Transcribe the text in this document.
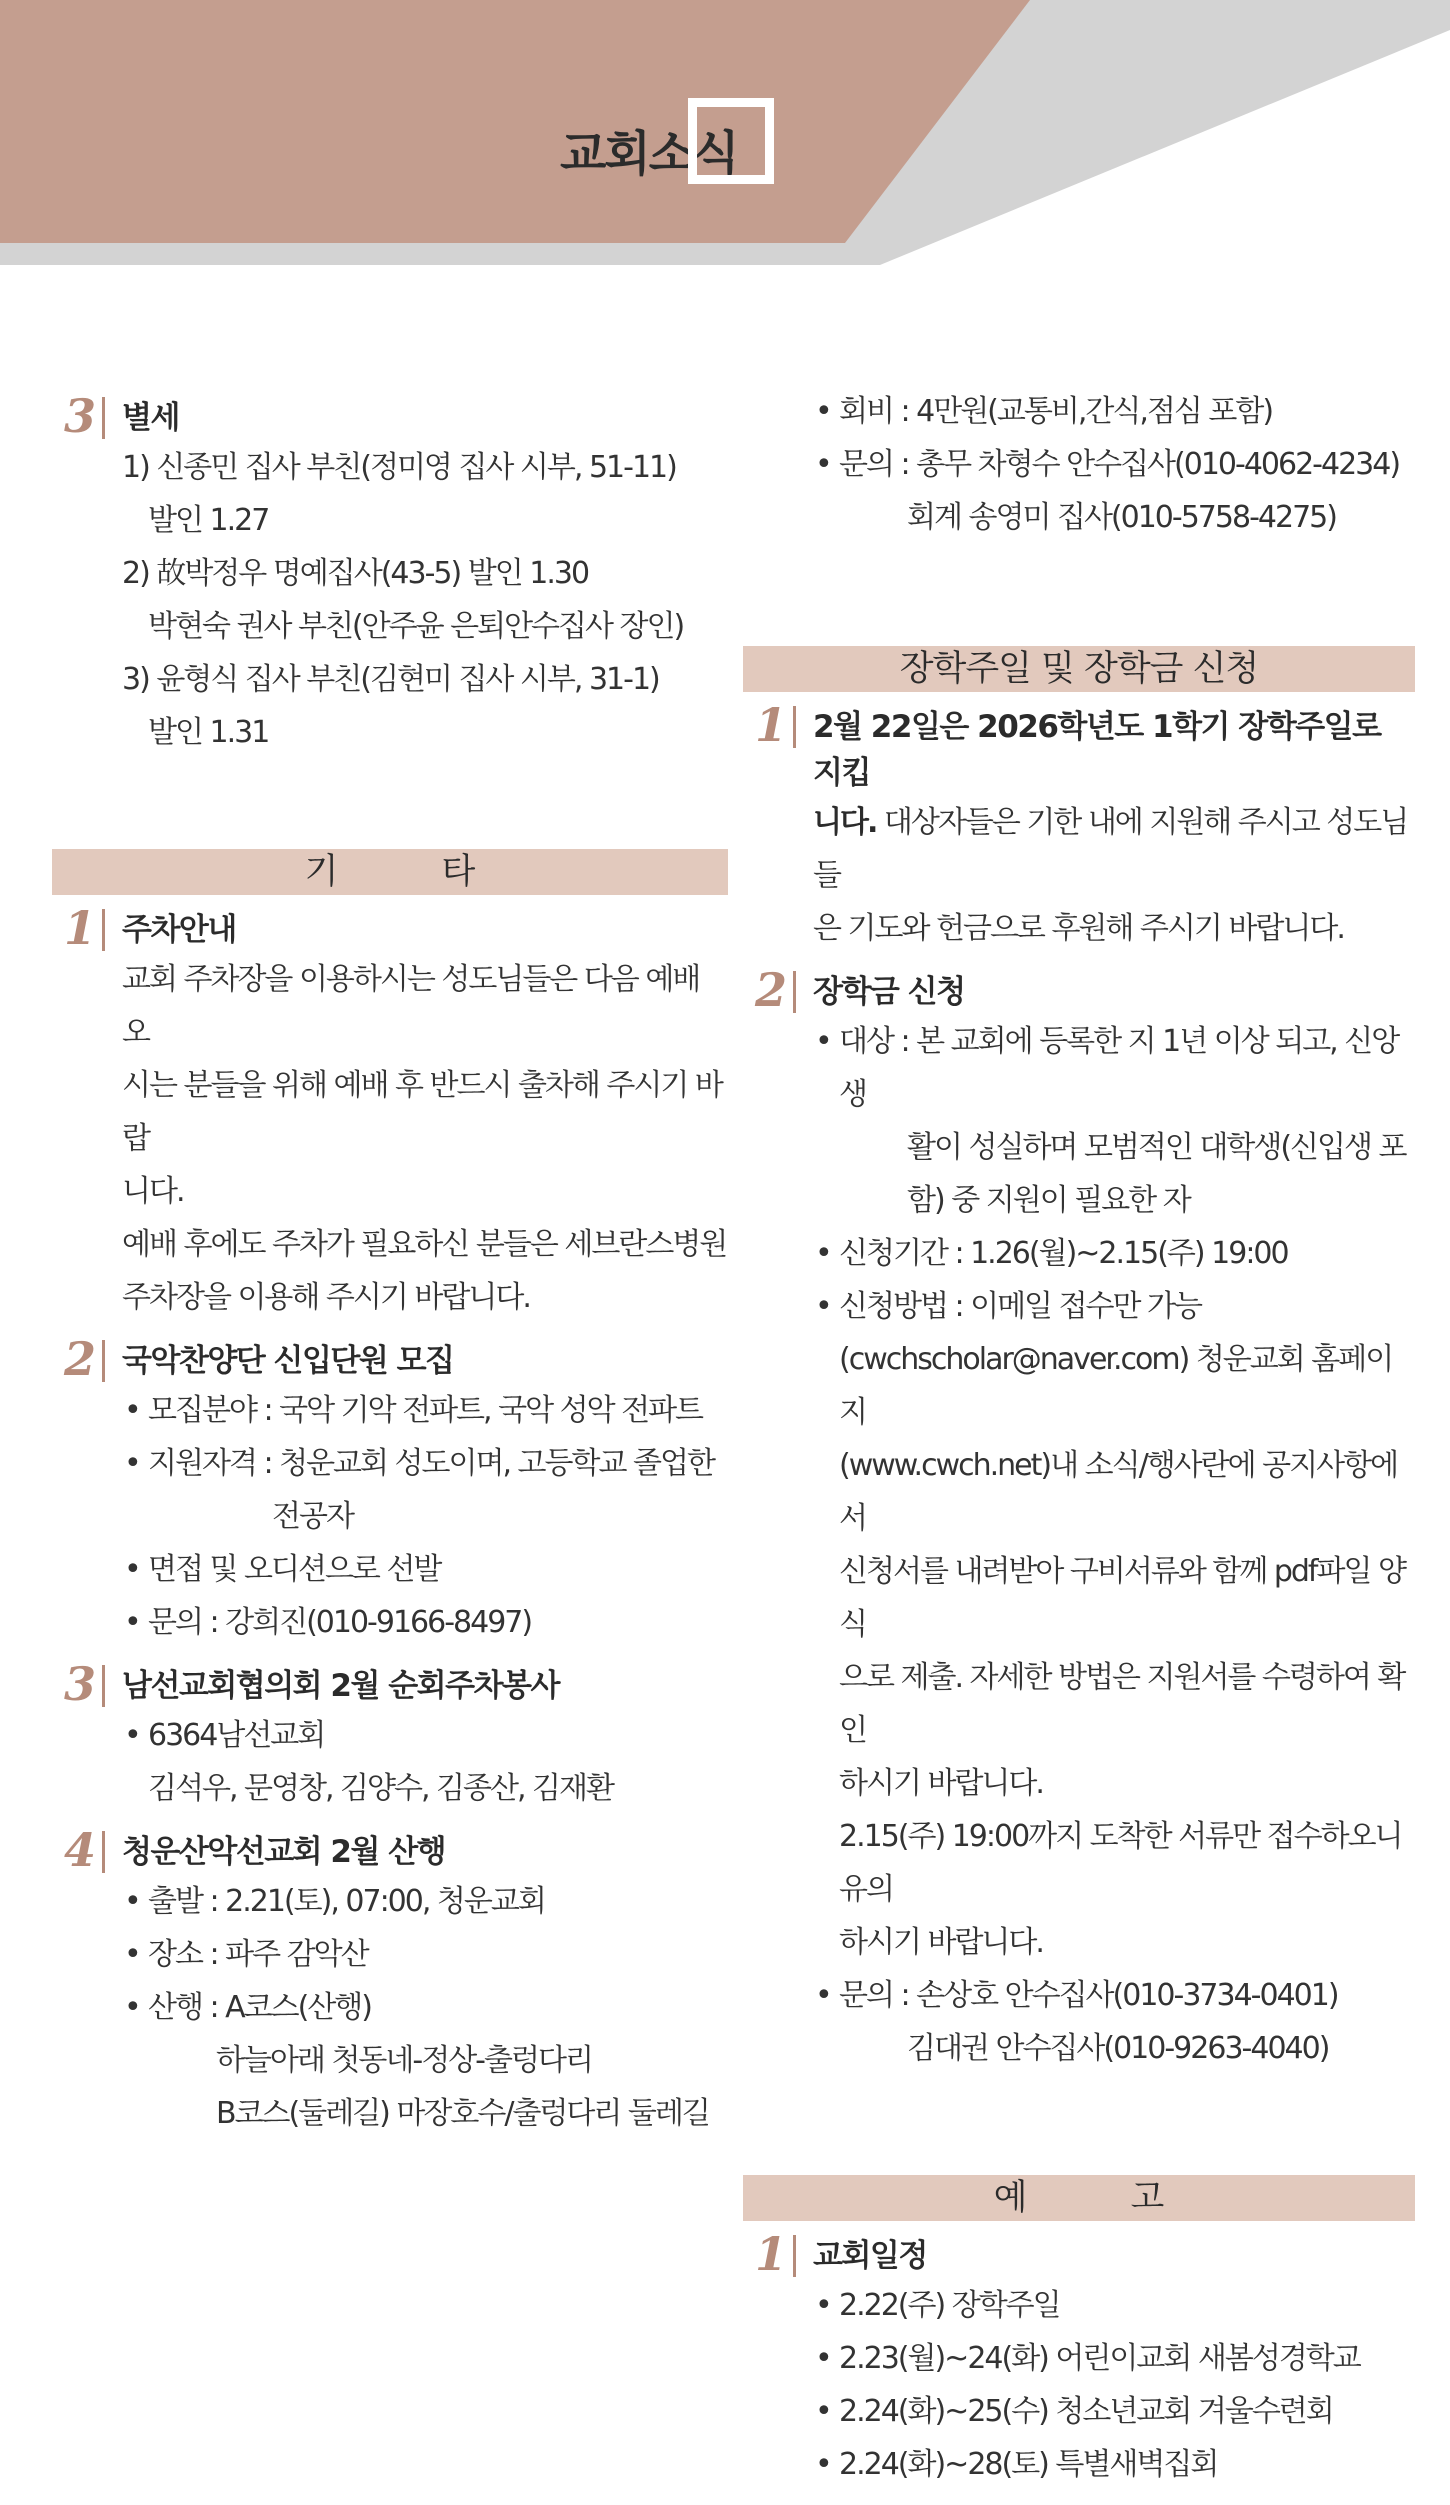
교회소식
3 별세
1) 신종민 집사 부친(정미영 집사 시부, 51-11)
발인 1.27
2) 故박정우 명예집사(43-5) 발인 1.30
박현숙 권사 부친(안주윤 은퇴안수집사 장인)
3) 윤형식 집사 부친(김현미 집사 시부, 31-1)
발인 1.31
기 타
1 주차안내
교회 주차장을 이용하시는 성도님들은 다음 예배 오
시는 분들을 위해 예배 후 반드시 출차해 주시기 바랍
니다.
예배 후에도 주차가 필요하신 분들은 세브란스병원
주차장을 이용해 주시기 바랍니다.
2 국악찬양단 신입단원 모집
• 모집분야 : 국악 기악 전파트, 국악 성악 전파트
• 지원자격 : 청운교회 성도이며, 고등학교 졸업한
전공자
• 면접 및 오디션으로 선발
• 문의 : 강희진(010-9166-8497)
3 남선교회협의회 2월 순회주차봉사
• 6364남선교회
김석우, 문영창, 김양수, 김종산, 김재환
4 청운산악선교회 2월 산행
• 출발 : 2.21(토), 07:00, 청운교회
• 장소 : 파주 감악산
• 산행 : A코스(산행)
하늘아래 첫동네-정상-출렁다리
B코스(둘레길) 마장호수/출렁다리 둘레길
• 회비 : 4만원(교통비,간식,점심 포함)
• 문의 : 총무 차형수 안수집사(010-4062-4234)
회계 송영미 집사(010-5758-4275)
장학주일 및 장학금 신청
1 2월 22일은 2026학년도 1학기 장학주일로 지킵
니다. 대상자들은 기한 내에 지원해 주시고 성도님들
은 기도와 헌금으로 후원해 주시기 바랍니다.
2 장학금 신청
• 대상 : 본 교회에 등록한 지 1년 이상 되고, 신앙생
활이 성실하며 모범적인 대학생(신입생 포
함) 중 지원이 필요한 자
• 신청기간 : 1.26(월)~2.15(주) 19:00
• 신청방법 : 이메일 접수만 가능
(cwchscholar@naver.com) 청운교회 홈페이지
(www.cwch.net)내 소식/행사란에 공지사항에서
신청서를 내려받아 구비서류와 함께 pdf파일 양식
으로 제출. 자세한 방법은 지원서를 수령하여 확인
하시기 바랍니다.
2.15(주) 19:00까지 도착한 서류만 접수하오니 유의
하시기 바랍니다.
• 문의 : 손상호 안수집사(010-3734-0401)
김대권 안수집사(010-9263-4040)
예 고
1 교회일정
• 2.22(주) 장학주일
• 2.23(월)~24(화) 어린이교회 새봄성경학교
• 2.24(화)~25(수) 청소년교회 겨울수련회
• 2.24(화)~28(토) 특별새벽집회
